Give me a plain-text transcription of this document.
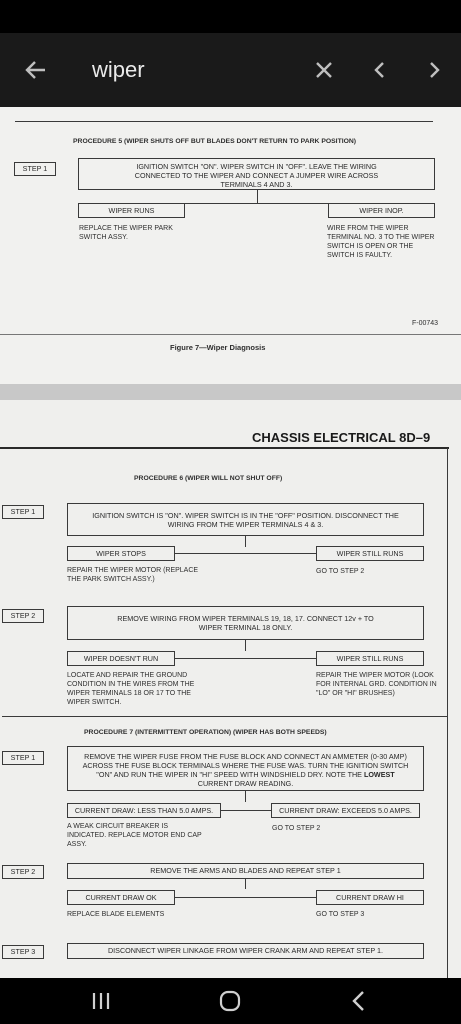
wiper
PROCEDURE 5 (WIPER SHUTS OFF BUT BLADES DON'T RETURN TO PARK POSITION)
STEP 1	IGNITION SWITCH "ON". WIPER SWITCH IN "OFF". LEAVE THE WIRING CONNECTED TO THE WIPER AND CONNECT A JUMPER WIRE ACROSS TERMINALS 4 AND 3.
WIPER RUNS	WIPER INOP.
REPLACE THE WIPER PARK SWITCH ASSY.
WIRE FROM THE WIPER TERMINAL NO. 3 TO THE WIPER SWITCH IS OPEN OR THE SWITCH IS FAULTY.
F-00743
Figure 7—Wiper Diagnosis
CHASSIS ELECTRICAL 8D–9
PROCEDURE 6 (WIPER WILL NOT SHUT OFF)
STEP 1	IGNITION SWITCH IS "ON". WIPER SWITCH IS IN THE "OFF" POSITION. DISCONNECT THE WIRING FROM THE WIPER TERMINALS 4 & 3.
WIPER STOPS	WIPER STILL RUNS
REPAIR THE WIPER MOTOR (REPLACE THE PARK SWITCH ASSY.)
GO TO STEP 2
STEP 2	REMOVE WIRING FROM WIPER TERMINALS 19, 18, 17. CONNECT 12v + TO WIPER TERMINAL 18 ONLY.
WIPER DOESN'T RUN	WIPER STILL RUNS
LOCATE AND REPAIR THE GROUND CONDITION IN THE WIRES FROM THE WIPER TERMINALS 18 OR 17 TO THE WIPER SWITCH.
REPAIR THE WIPER MOTOR (LOOK FOR INTERNAL GRD. CONDITION IN "LO" OR "HI" BRUSHES)
PROCEDURE 7 (INTERMITTENT OPERATION) (WIPER HAS BOTH SPEEDS)
STEP 1	REMOVE THE WIPER FUSE FROM THE FUSE BLOCK AND CONNECT AN AMMETER (0-30 AMP) ACROSS THE FUSE BLOCK TERMINALS WHERE THE FUSE WAS. TURN THE IGNITION SWITCH "ON" AND RUN THE WIPER IN "HI" SPEED WITH WINDSHIELD DRY. NOTE THE LOWEST CURRENT DRAW READING.
CURRENT DRAW: LESS THAN 5.0 AMPS.	CURRENT DRAW: EXCEEDS 5.0 AMPS.
A WEAK CIRCUIT BREAKER IS INDICATED. REPLACE MOTOR END CAP ASSY.
GO TO STEP 2
STEP 2	REMOVE THE ARMS AND BLADES AND REPEAT STEP 1
CURRENT DRAW OK	CURRENT DRAW HI
REPLACE BLADE ELEMENTS	GO TO STEP 3
STEP 3	DISCONNECT WIPER LINKAGE FROM WIPER CRANK ARM AND REPEAT STEP 1.
